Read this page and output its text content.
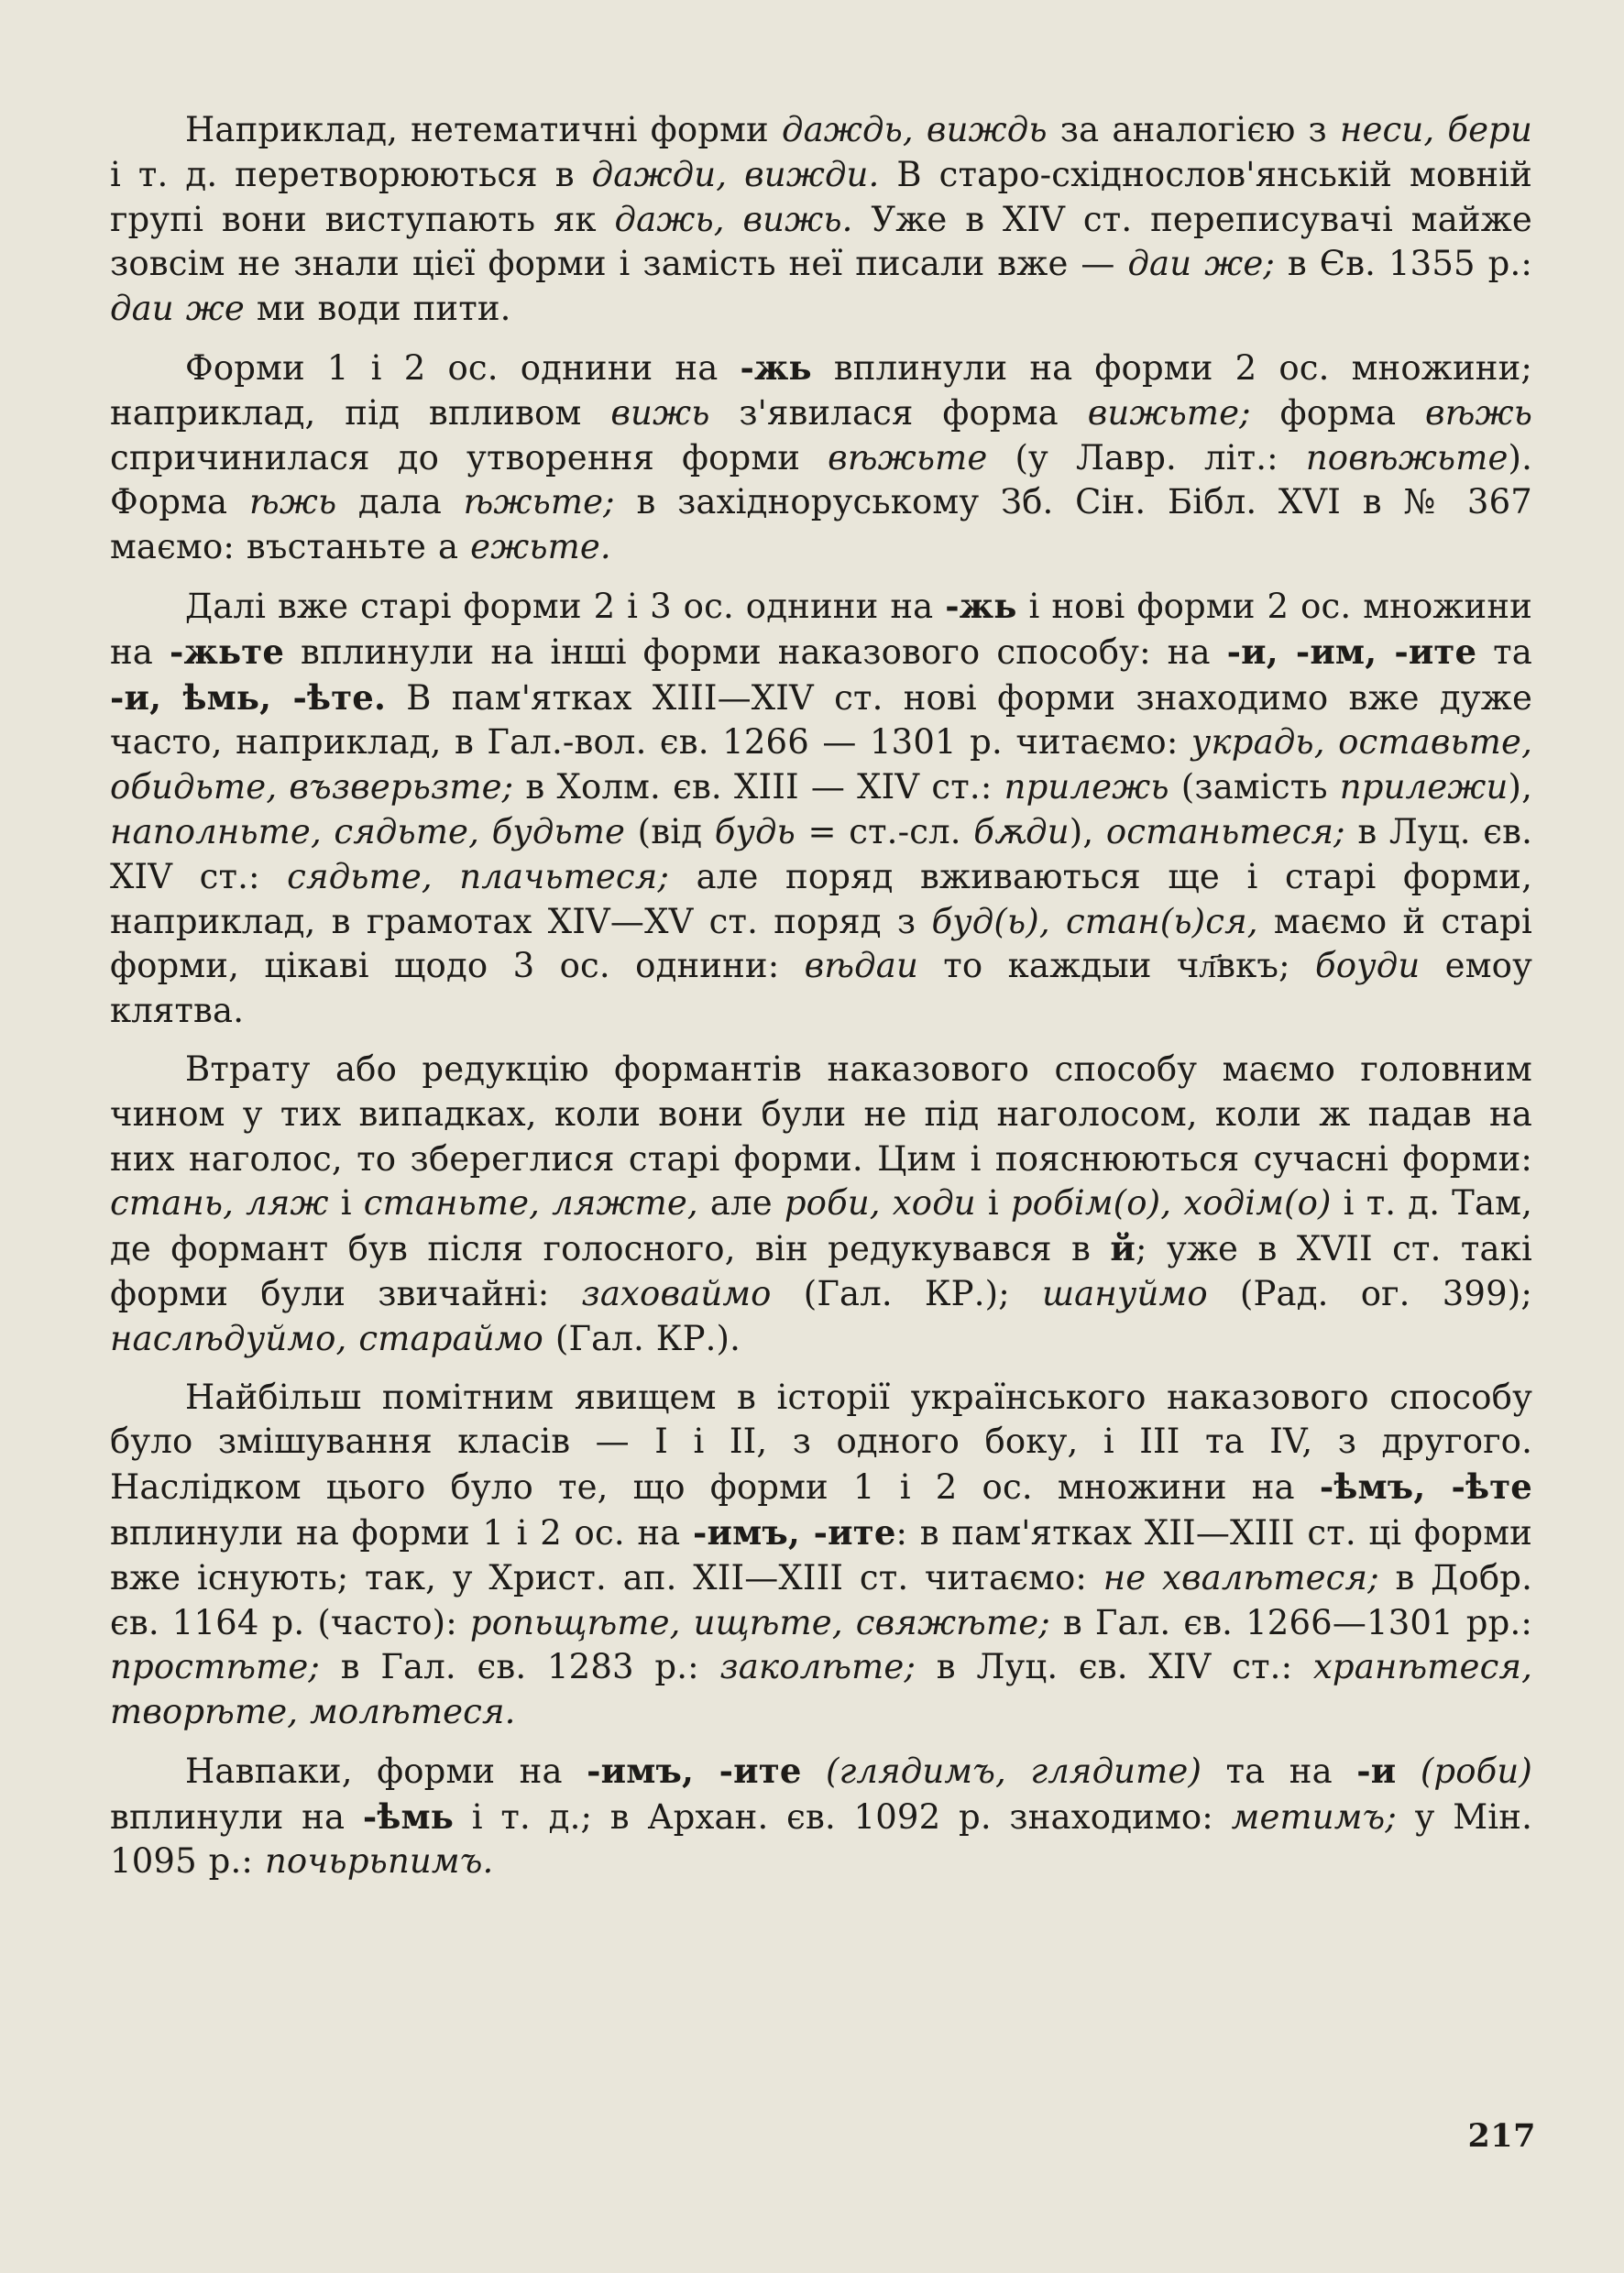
Наприклад, нетематичні форми даждь, виждь за аналогією з неси, бери і т. д. перетворюються в дажди, вижди. В старо-східнослов'янській мовній групі вони виступають як дажь, вижь. Уже в XIV ст. переписувачі майже зовсім не знали цієї форми і замість неї писали вже — даи же; в Єв. 1355 р.: даи же ми води пити.

Форми 1 і 2 ос. однини на -жь вплинули на форми 2 ос. множини; наприклад, під впливом вижь з'явилася форма вижьте; форма вѣжь спричинилася до утворення форми вѣжьте (у Лавр. літ.: повѣжьте). Форма ѣжь дала ѣжьте; в західноруському Зб. Сін. Бібл. XVI в № 367 маємо: въстаньте а ежьте.

Далі вже старі форми 2 і 3 ос. однини на -жь і нові форми 2 ос. множини на -жьте вплинули на інші форми наказового способу: на -и, -им, -ите та -и, ѣмь, -ѣте. В пам'ятках XIII—XIV ст. нові форми знаходимо вже дуже часто, наприклад, в Гал.-вол. єв. 1266 — 1301 р. читаємо: украдь, оставьте, обидьте, възверьзте; в Холм. єв. XIII — XIV ст.: прилежь (замість прилежи), наполньте, сядьте, будьте (від будь = ст.-сл. бѫди), останьтеся; в Луц. єв. XIV ст.: сядьте, плачьтеся; але поряд вживаються ще і старі форми, наприклад, в грамотах XIV—XV ст. поряд з буд(ь), стан(ь)ся, маємо й старі форми, цікаві щодо 3 ос. однини: вѣдаи то каждыи чл҃вкъ; боуди емоу клятва.

Втрату або редукцію формантів наказового способу маємо головним чином у тих випадках, коли вони були не під наголосом, коли ж падав на них наголос, то збереглися старі форми. Цим і пояснюються сучасні форми: стань, ляж і станьте, ляжте, але роби, ходи і робім(о), ходім(о) і т. д. Там, де формант був після голосного, він редукувався в й; уже в XVII ст. такі форми були звичайні: заховаймо (Гал. КР.); шануймо (Рад. ог. 399); наслѣдуймо, стараймо (Гал. КР.).

Найбільш помітним явищем в історії українського наказового способу було змішування класів — I і II, з одного боку, і III та IV, з другого. Наслідком цього було те, що форми 1 і 2 ос. множини на -ѣмъ, -ѣте вплинули на форми 1 і 2 ос. на -имъ, -ите: в пам'ятках XII—XIII ст. ці форми вже існують; так, у Христ. ап. XII—XIII ст. читаємо: не хвалѣтеся; в Добр. єв. 1164 р. (часто): ропьщѣте, ищѣте, свяжѣте; в Гал. єв. 1266—1301 рр.: простѣте; в Гал. єв. 1283 р.: заколѣте; в Луц. єв. XIV ст.: хранѣтеся, творѣте, молѣтеся.

Навпаки, форми на -имъ, -ите (глядимъ, глядите) та на -и (роби) вплинули на -ѣмь і т. д.; в Архан. єв. 1092 р. знаходимо: метимъ; у Мін. 1095 р.: почьрьпимъ.

217
